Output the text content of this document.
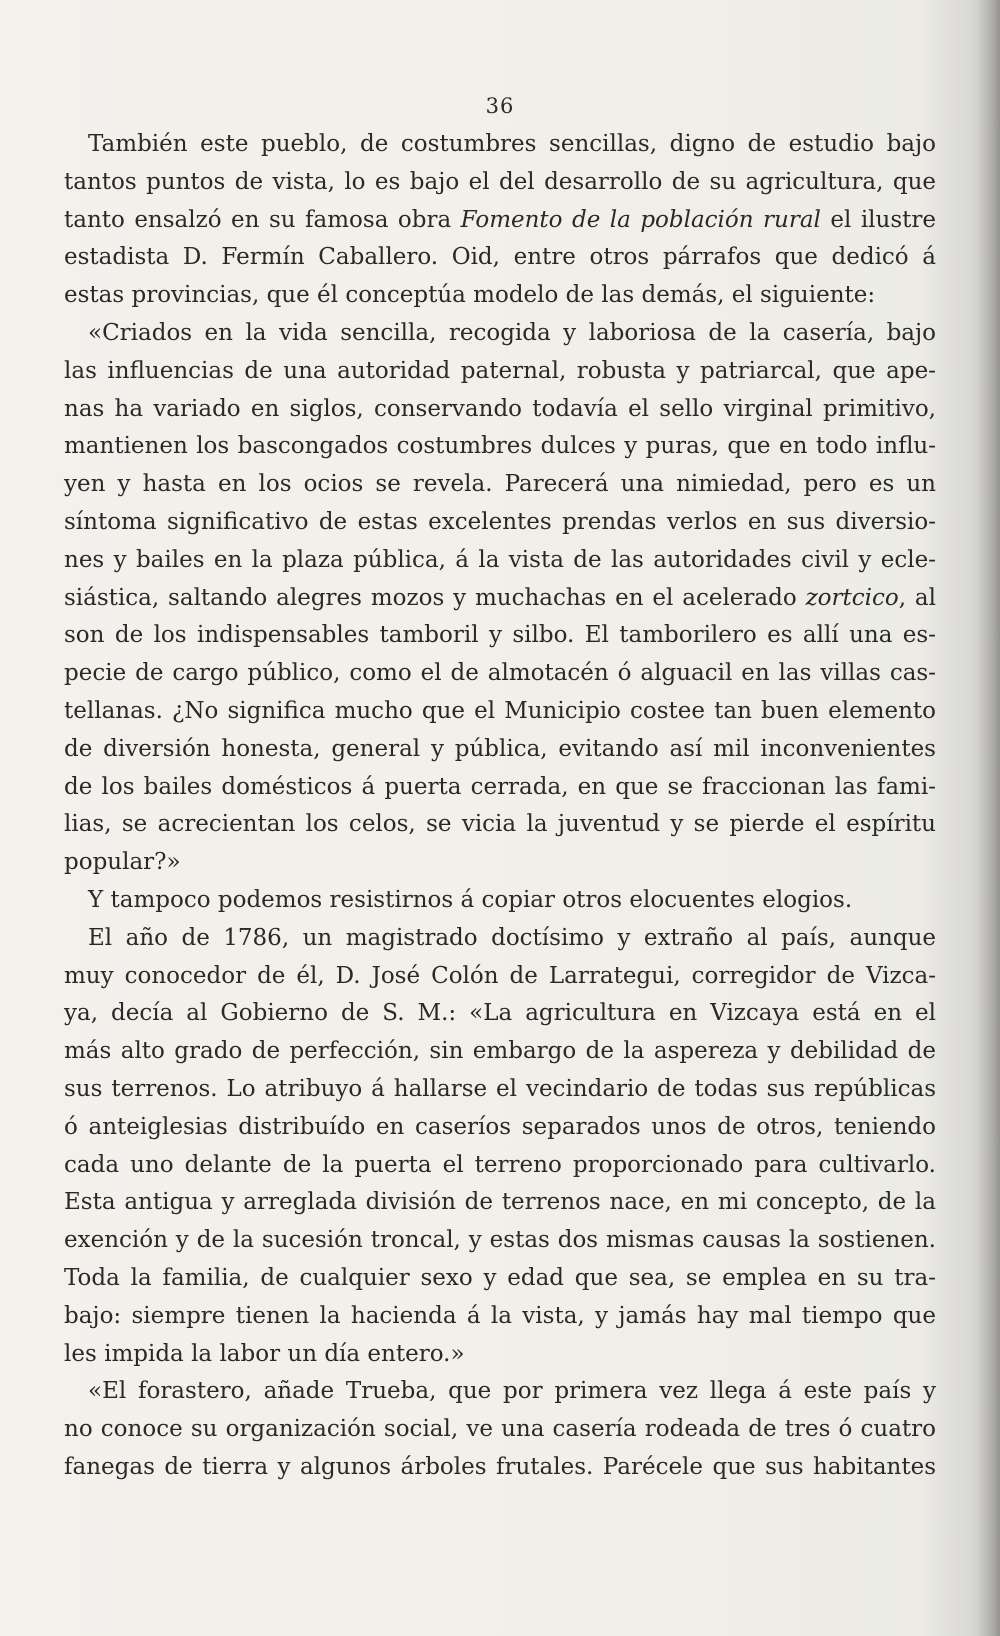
36
También este pueblo, de costumbres sencillas, digno de estudio bajo
tantos puntos de vista, lo es bajo el del desarrollo de su agricultura, que
tanto ensalzó en su famosa obra Fomento de la población rural el ilustre
estadista D. Fermín Caballero. Oid, entre otros párrafos que dedicó á
estas provincias, que él conceptúa modelo de las demás, el siguiente:
«Criados en la vida sencilla, recogida y laboriosa de la casería, bajo
las influencias de una autoridad paternal, robusta y patriarcal, que ape-
nas ha variado en siglos, conservando todavía el sello virginal primitivo,
mantienen los bascongados costumbres dulces y puras, que en todo influ-
yen y hasta en los ocios se revela. Parecerá una nimiedad, pero es un
síntoma significativo de estas excelentes prendas verlos en sus diversio-
nes y bailes en la plaza pública, á la vista de las autoridades civil y ecle-
siástica, saltando alegres mozos y muchachas en el acelerado zortcico, al
son de los indispensables tamboril y silbo. El tamborilero es allí una es-
pecie de cargo público, como el de almotacén ó alguacil en las villas cas-
tellanas. ¿No significa mucho que el Municipio costee tan buen elemento
de diversión honesta, general y pública, evitando así mil inconvenientes
de los bailes domésticos á puerta cerrada, en que se fraccionan las fami-
lias, se acrecientan los celos, se vicia la juventud y se pierde el espíritu
popular?»
Y tampoco podemos resistirnos á copiar otros elocuentes elogios.
El año de 1786, un magistrado doctísimo y extraño al país, aunque
muy conocedor de él, D. José Colón de Larrategui, corregidor de Vizca-
ya, decía al Gobierno de S. M.: «La agricultura en Vizcaya está en el
más alto grado de perfección, sin embargo de la aspereza y debilidad de
sus terrenos. Lo atribuyo á hallarse el vecindario de todas sus repúblicas
ó anteiglesias distribuído en caseríos separados unos de otros, teniendo
cada uno delante de la puerta el terreno proporcionado para cultivarlo.
Esta antigua y arreglada división de terrenos nace, en mi concepto, de la
exención y de la sucesión troncal, y estas dos mismas causas la sostienen.
Toda la familia, de cualquier sexo y edad que sea, se emplea en su tra-
bajo: siempre tienen la hacienda á la vista, y jamás hay mal tiempo que
les impida la labor un día entero.»
«El forastero, añade Trueba, que por primera vez llega á este país y
no conoce su organización social, ve una casería rodeada de tres ó cuatro
fanegas de tierra y algunos árboles frutales. Parécele que sus habitantes
